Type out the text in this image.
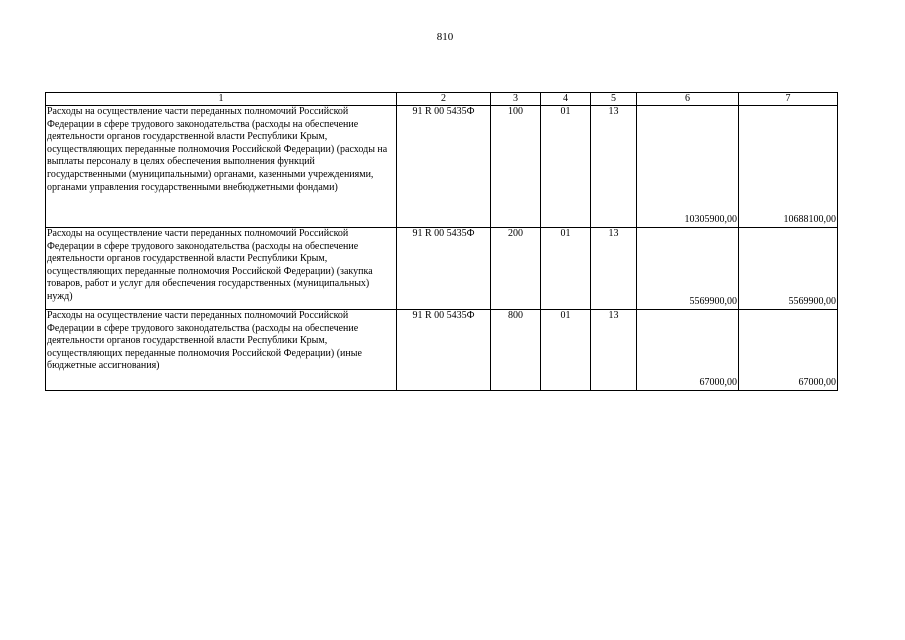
810
1	2	3	4	5	6	7
Расходы на осуществление части переданных полномочий Российской Федерации в сфере трудового законодательства (расходы на обеспечение деятельности органов государственной власти Республики Крым, осуществляющих переданные полномочия Российской Федерации) (расходы на выплаты персоналу в целях обеспечения выполнения функций государственными (муниципальными) органами, казенными учреждениями, органами управления государственными внебюджетными фондами)	91 R 00 5435Ф	100	01	13	10305900,00	10688100,00
Расходы на осуществление части переданных полномочий Российской Федерации в сфере трудового законодательства (расходы на обеспечение деятельности органов государственной власти Республики Крым, осуществляющих переданные полномочия Российской Федерации) (закупка товаров, работ и услуг для обеспечения государственных (муниципальных) нужд)	91 R 00 5435Ф	200	01	13	5569900,00	5569900,00
Расходы на осуществление части переданных полномочий Российской Федерации в сфере трудового законодательства (расходы на обеспечение деятельности органов государственной власти Республики Крым, осуществляющих переданные полномочия Российской Федерации) (иные бюджетные ассигнования)	91 R 00 5435Ф	800	01	13	67000,00	67000,00
